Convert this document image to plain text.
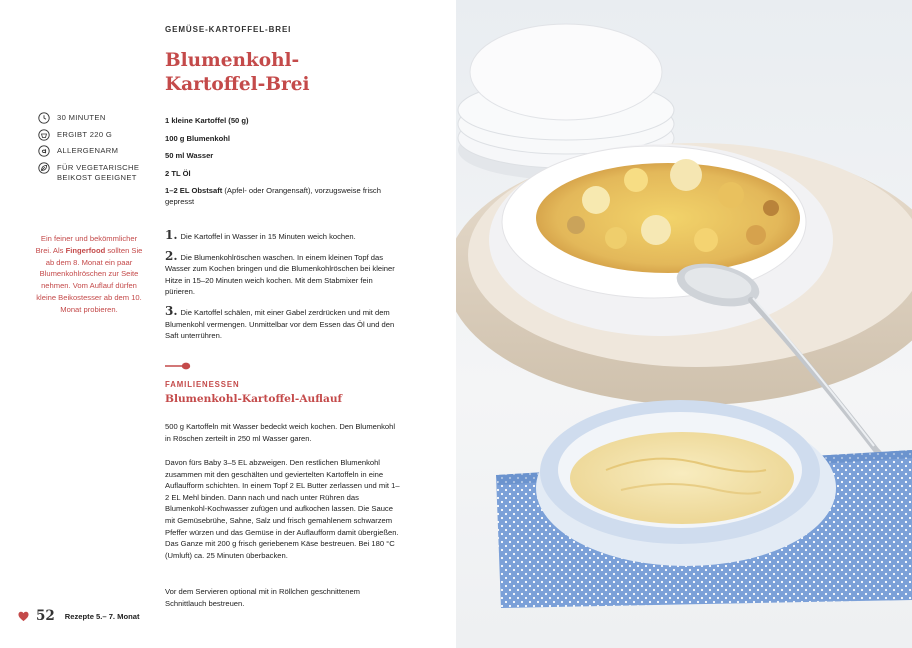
GEMÜSE-KARTOFFEL-BREI
Blumenkohl-
Kartoffel-Brei
30 MINUTEN
ERGIBT 220 G
ALLERGENARM
FÜR VEGETARISCHE BEIKOST GEEIGNET
1 kleine Kartoffel (50 g)
100 g Blumenkohl
50 ml Wasser
2 TL Öl
1–2 EL Obstsaft (Apfel- oder Orangensaft), vorzugsweise frisch gepresst
Ein feiner und bekömmlicher Brei. Als Fingerfood sollten Sie ab dem 8. Monat ein paar Blumenkohlröschen zur Seite nehmen. Vom Auflauf dürfen kleine Beikostesser ab dem 10. Monat probieren.
1. Die Kartoffel in Wasser in 15 Minuten weich kochen.
2. Die Blumenkohlröschen waschen. In einem kleinen Topf das Wasser zum Kochen bringen und die Blumenkohlröschen bei kleiner Hitze in 15–20 Minuten weich kochen. Mit dem Stabmixer fein pürieren.
3. Die Kartoffel schälen, mit einer Gabel zerdrücken und mit dem Blumenkohl vermengen. Unmittelbar vor dem Essen das Öl und den Saft unterrühren.
FAMILIENESSEN
Blumenkohl-Kartoffel-Auflauf

500 g Kartoffeln mit Wasser bedeckt weich kochen. Den Blumenkohl in Röschen zerteilt in 250 ml Wasser garen.

Davon fürs Baby 3–5 EL abzweigen. Den restlichen Blumenkohl zusammen mit den geschälten und geviertelten Kartoffeln in eine Auflaufform schichten. In einem Topf 2 EL Butter zerlassen und mit 1–2 EL Mehl binden. Dann nach und nach unter Rühren das Blumenkohl-Kochwasser zufügen und aufkochen lassen. Die Sauce mit Gemüsebrühe, Sahne, Salz und frisch gemahlenem schwarzem Pfeffer würzen und das Gemüse in der Auflaufform damit übergießen. Das Ganze mit 200 g frisch geriebenem Käse bestreuen. Bei 180 °C (Umluft) ca. 25 Minuten überbacken.

Vor dem Servieren optional mit in Röllchen geschnittenem Schnittlauch bestreuen.

52 Rezepte 5.– 7. Monat
